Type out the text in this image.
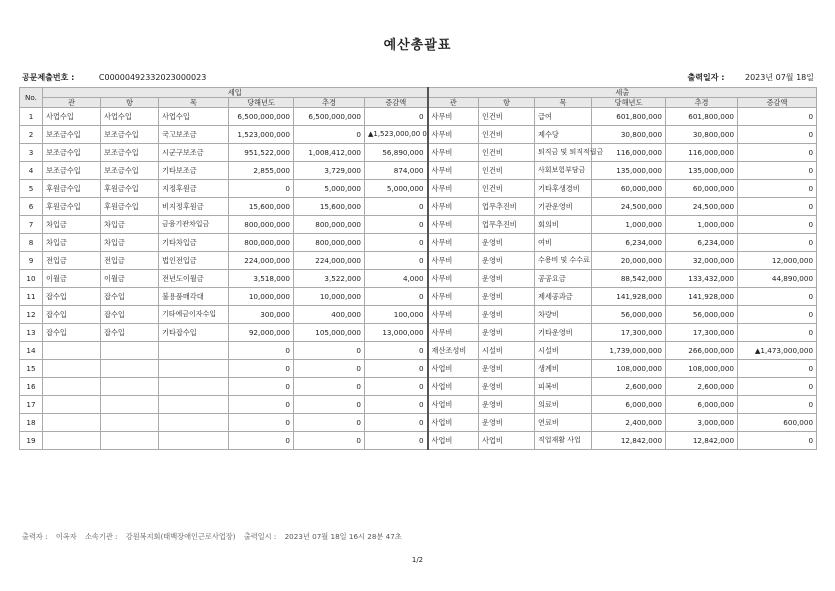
예산총괄표
공문제출번호 :	C00000492332023000023	출력일자 :	2023년 07월 18일
No.	세입						세출					
	관	항	목	당해년도	추경	증감액	관	항	목	당해년도	추경	증감액
1	사업수입	사업수입	사업수입	6,500,000,000	6,500,000,000	0	사무비	인건비	급여	601,800,000	601,800,000	0
2	보조금수입	보조금수입	국고보조금	1,523,000,000	0	▲1,523,000,00 0	사무비	인건비	제수당	30,800,000	30,800,000	0
3	보조금수입	보조금수입	시군구보조금	951,522,000	1,008,412,000	56,890,000	사무비	인건비	퇴직금 및 퇴직적립금	116,000,000	116,000,000	0
4	보조금수입	보조금수입	기타보조금	2,855,000	3,729,000	874,000	사무비	인건비	사회보험부담금	135,000,000	135,000,000	0
5	후원금수입	후원금수입	지정후원금	0	5,000,000	5,000,000	사무비	인건비	기타후생경비	60,000,000	60,000,000	0
6	후원금수입	후원금수입	비지정후원금	15,600,000	15,600,000	0	사무비	업무추진비	기관운영비	24,500,000	24,500,000	0
7	차입금	차입금	금융기관차입금	800,000,000	800,000,000	0	사무비	업무추진비	회의비	1,000,000	1,000,000	0
8	차입금	차입금	기타차입금	800,000,000	800,000,000	0	사무비	운영비	여비	6,234,000	6,234,000	0
9	전입금	전입금	법인전입금	224,000,000	224,000,000	0	사무비	운영비	수용비 및 수수료	20,000,000	32,000,000	12,000,000
10	이월금	이월금	전년도이월금	3,518,000	3,522,000	4,000	사무비	운영비	공공요금	88,542,000	133,432,000	44,890,000
11	잡수입	잡수입	불용품매각대	10,000,000	10,000,000	0	사무비	운영비	제세공과금	141,928,000	141,928,000	0
12	잡수입	잡수입	기타예금이자수입	300,000	400,000	100,000	사무비	운영비	차량비	56,000,000	56,000,000	0
13	잡수입	잡수입	기타잡수입	92,000,000	105,000,000	13,000,000	사무비	운영비	기타운영비	17,300,000	17,300,000	0
14				0	0	0	재산조성비	시설비	시설비	1,739,000,000	266,000,000	▲1,473,000,000
15				0	0	0	사업비	운영비	생계비	108,000,000	108,000,000	0
16				0	0	0	사업비	운영비	피복비	2,600,000	2,600,000	0
17				0	0	0	사업비	운영비	의료비	6,000,000	6,000,000	0
18				0	0	0	사업비	운영비	연료비	2,400,000	3,000,000	600,000
19				0	0	0	사업비	사업비	직업재활 사업	12,842,000	12,842,000	0
출력자 : 이옥자 소속기관 : 강원복지회(태백장애인근로사업장) 출력일시 : 2023년 07월 18일 16시 28분 47초
1/2
